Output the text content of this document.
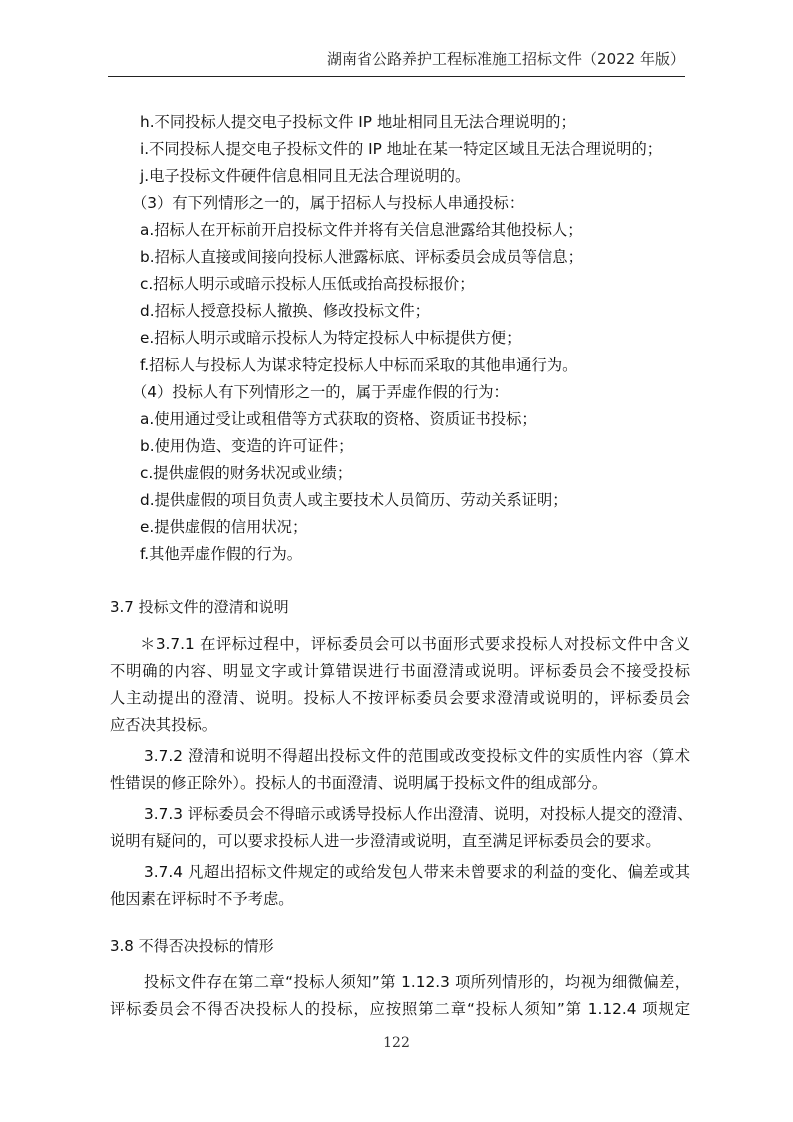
湖南省公路养护工程标准施工招标文件（2022 年版）
h.不同投标人提交电子投标文件 IP 地址相同且无法合理说明的；
i.不同投标人提交电子投标文件的 IP 地址在某一特定区域且无法合理说明的；
j.电子投标文件硬件信息相同且无法合理说明的。
（3）有下列情形之一的，属于招标人与投标人串通投标：
a.招标人在开标前开启投标文件并将有关信息泄露给其他投标人；
b.招标人直接或间接向投标人泄露标底、评标委员会成员等信息；
c.招标人明示或暗示投标人压低或抬高投标报价；
d.招标人授意投标人撤换、修改投标文件；
e.招标人明示或暗示投标人为特定投标人中标提供方便；
f.招标人与投标人为谋求特定投标人中标而采取的其他串通行为。
（4）投标人有下列情形之一的，属于弄虚作假的行为：
a.使用通过受让或租借等方式获取的资格、资质证书投标；
b.使用伪造、变造的许可证件；
c.提供虚假的财务状况或业绩；
d.提供虚假的项目负责人或主要技术人员简历、劳动关系证明；
e.提供虚假的信用状况；
f.其他弄虚作假的行为。
3.7 投标文件的澄清和说明
＊3.7.1 在评标过程中，评标委员会可以书面形式要求投标人对投标文件中含义
不明确的内容、明显文字或计算错误进行书面澄清或说明。评标委员会不接受投标
人主动提出的澄清、说明。投标人不按评标委员会要求澄清或说明的，评标委员会
应否决其投标。
3.7.2 澄清和说明不得超出投标文件的范围或改变投标文件的实质性内容（算术
性错误的修正除外）。投标人的书面澄清、说明属于投标文件的组成部分。
3.7.3 评标委员会不得暗示或诱导投标人作出澄清、说明，对投标人提交的澄清、
说明有疑问的，可以要求投标人进一步澄清或说明，直至满足评标委员会的要求。
3.7.4 凡超出招标文件规定的或给发包人带来未曾要求的利益的变化、偏差或其
他因素在评标时不予考虑。
3.8 不得否决投标的情形
投标文件存在第二章“投标人须知”第 1.12.3 项所列情形的，均视为细微偏差，
评标委员会不得否决投标人的投标，应按照第二章“投标人须知”第 1.12.4 项规定
122
